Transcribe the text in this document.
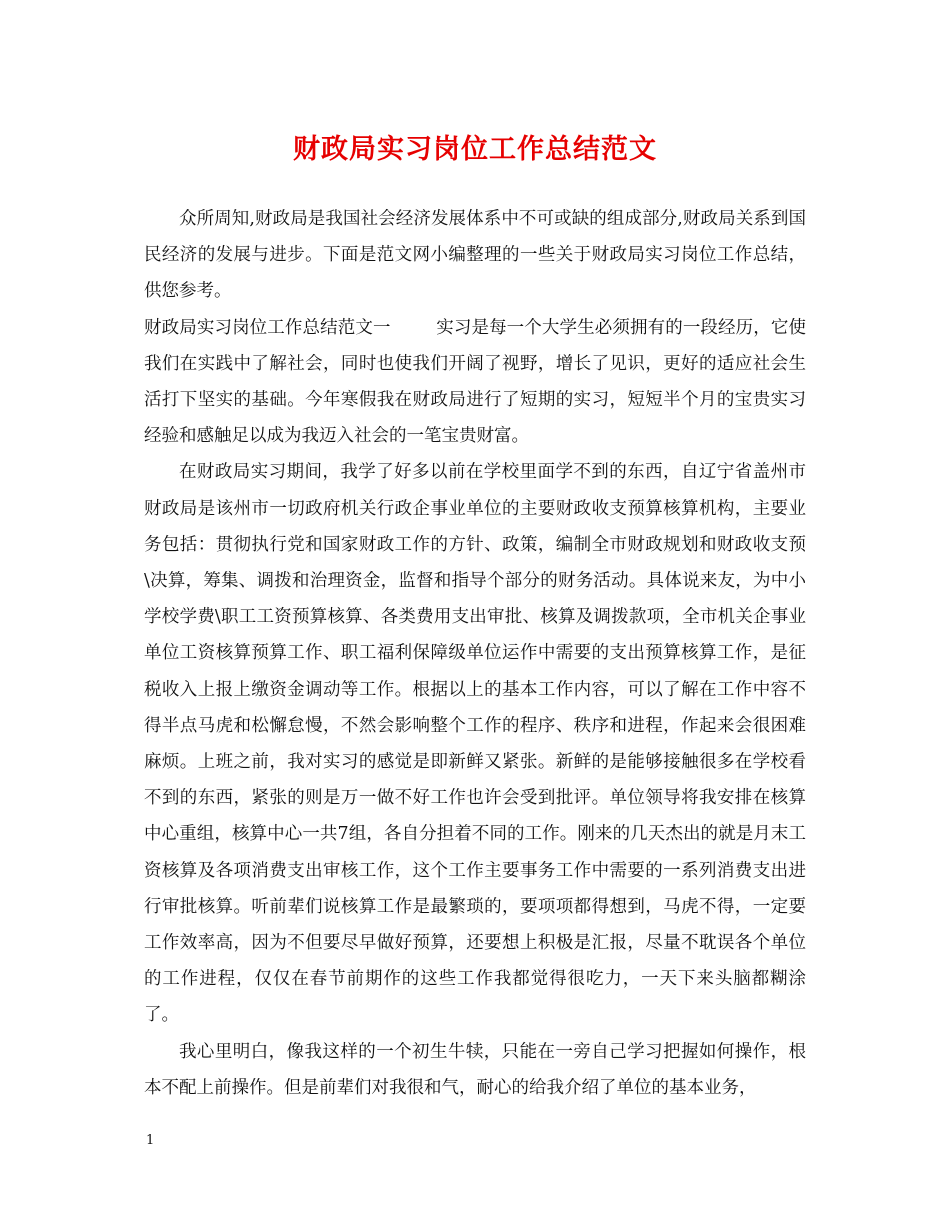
财政局实习岗位工作总结范文

众所周知,财政局是我国社会经济发展体系中不可或缺的组成部分,财政局关系到国民经济的发展与进步。下面是范文网小编整理的一些关于财政局实习岗位工作总结，供您参考。

财政局实习岗位工作总结范文一	实习是每一个大学生必须拥有的一段经历，它使我们在实践中了解社会，同时也使我们开阔了视野，增长了见识，更好的适应社会生活打下坚实的基础。今年寒假我在财政局进行了短期的实习，短短半个月的宝贵实习经验和感触足以成为我迈入社会的一笔宝贵财富。

在财政局实习期间，我学了好多以前在学校里面学不到的东西，自辽宁省盖州市财政局是该州市一切政府机关行政企事业单位的主要财政收支预算核算机构，主要业务包括：贯彻执行党和国家财政工作的方针、政策，编制全市财政规划和财政收支预\决算，筹集、调拨和治理资金，监督和指导个部分的财务活动。具体说来友，为中小学校学费\职工工资预算核算、各类费用支出审批、核算及调拨款项，全市机关企事业单位工资核算预算工作、职工福利保障级单位运作中需要的支出预算核算工作，是征税收入上报上缴资金调动等工作。根据以上的基本工作内容，可以了解在工作中容不得半点马虎和松懈怠慢，不然会影响整个工作的程序、秩序和进程，作起来会很困难麻烦。上班之前，我对实习的感觉是即新鲜又紧张。新鲜的是能够接触很多在学校看不到的东西，紧张的则是万一做不好工作也许会受到批评。单位领导将我安排在核算中心重组，核算中心一共7组，各自分担着不同的工作。刚来的几天杰出的就是月末工资核算及各项消费支出审核工作，这个工作主要事务工作中需要的一系列消费支出进行审批核算。听前辈们说核算工作是最繁琐的，要项项都得想到，马虎不得，一定要工作效率高，因为不但要尽早做好预算，还要想上积极是汇报，尽量不耽误各个单位的工作进程，仅仅在春节前期作的这些工作我都觉得很吃力，一天下来头脑都糊涂了。

我心里明白，像我这样的一个初生牛犊，只能在一旁自己学习把握如何操作，根本不配上前操作。但是前辈们对我很和气，耐心的给我介绍了单位的基本业务，

1
